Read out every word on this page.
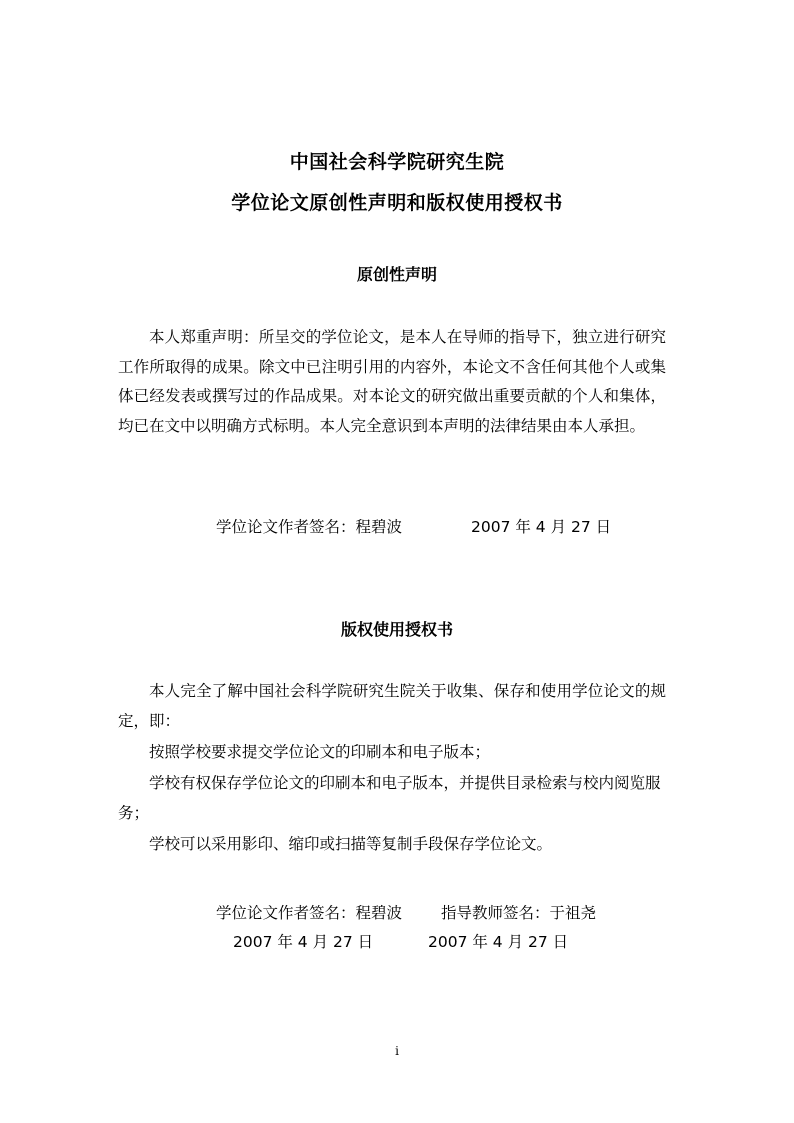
中国社会科学院研究生院
学位论文原创性声明和版权使用授权书
原创性声明

本人郑重声明：所呈交的学位论文，是本人在导师的指导下，独立进行研究工作所取得的成果。除文中已注明引用的内容外，本论文不含任何其他个人或集体已经发表或撰写过的作品成果。对本论文的研究做出重要贡献的个人和集体，均已在文中以明确方式标明。本人完全意识到本声明的法律结果由本人承担。

学位论文作者签名：程碧波	2007 年 4 月 27 日
版权使用授权书

本人完全了解中国社会科学院研究生院关于收集、保存和使用学位论文的规定，即：

按照学校要求提交学位论文的印刷本和电子版本；
学校有权保存学位论文的印刷本和电子版本，并提供目录检索与校内阅览服务；
学校可以采用影印、缩印或扫描等复制手段保存学位论文。
学位论文作者签名：程碧波	指导教师签名：于祖尧
2007 年 4 月 27 日	2007 年 4 月 27 日
i
